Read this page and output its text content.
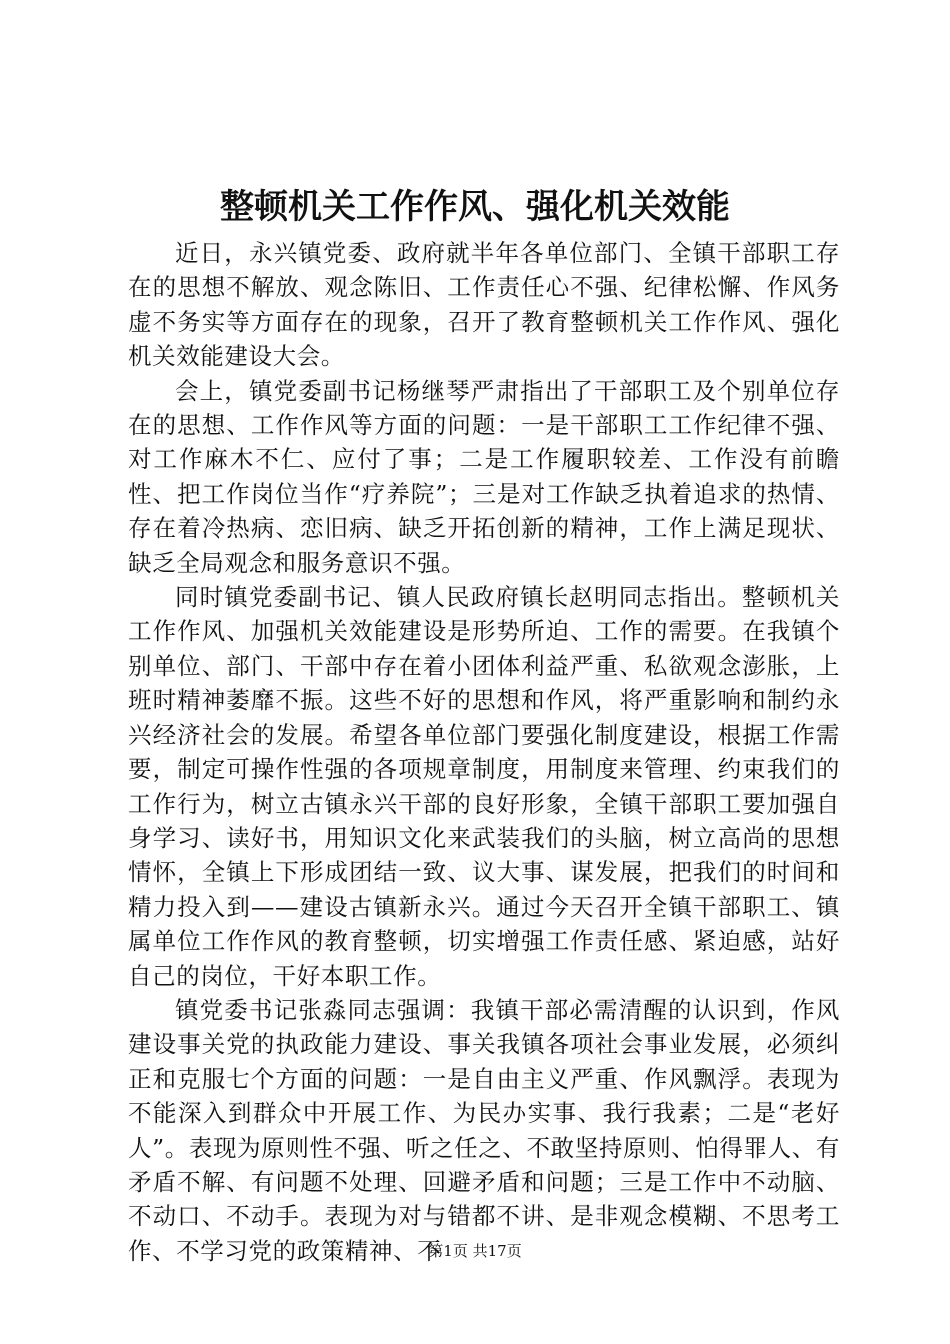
整顿机关工作作风、强化机关效能

近日，永兴镇党委、政府就半年各单位部门、全镇干部职工存在的思想不解放、观念陈旧、工作责任心不强、纪律松懈、作风务虚不务实等方面存在的现象，召开了教育整顿机关工作作风、强化机关效能建设大会。

会上，镇党委副书记杨继琴严肃指出了干部职工及个别单位存在的思想、工作作风等方面的问题：一是干部职工工作纪律不强、对工作麻木不仁、应付了事；二是工作履职较差、工作没有前瞻性、把工作岗位当作“疗养院”；三是对工作缺乏执着追求的热情、存在着冷热病、恋旧病、缺乏开拓创新的精神，工作上满足现状、缺乏全局观念和服务意识不强。

同时镇党委副书记、镇人民政府镇长赵明同志指出。整顿机关工作作风、加强机关效能建设是形势所迫、工作的需要。在我镇个别单位、部门、干部中存在着小团体利益严重、私欲观念澎胀，上班时精神萎靡不振。这些不好的思想和作风，将严重影响和制约永兴经济社会的发展。希望各单位部门要强化制度建设，根据工作需要，制定可操作性强的各项规章制度，用制度来管理、约束我们的工作行为，树立古镇永兴干部的良好形象，全镇干部职工要加强自身学习、读好书，用知识文化来武装我们的头脑，树立高尚的思想情怀，全镇上下形成团结一致、议大事、谋发展，把我们的时间和精力投入到——建设古镇新永兴。通过今天召开全镇干部职工、镇属单位工作作风的教育整顿，切实增强工作责任感、紧迫感，站好自己的岗位，干好本职工作。

镇党委书记张淼同志强调：我镇干部必需清醒的认识到，作风建设事关党的执政能力建设、事关我镇各项社会事业发展，必须纠正和克服七个方面的问题：一是自由主义严重、作风飘浮。表现为不能深入到群众中开展工作、为民办实事、我行我素；二是“老好人”。表现为原则性不强、听之任之、不敢坚持原则、怕得罪人、有矛盾不解、有问题不处理、回避矛盾和问题；三是工作中不动脑、不动口、不动手。表现为对与错都不讲、是非观念模糊、不思考工作、不学习党的政策精神、不

第1页 共17页
